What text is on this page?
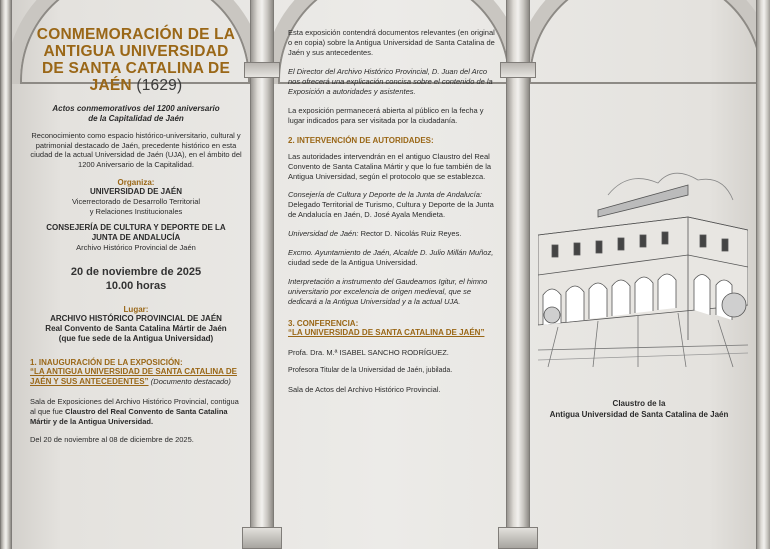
CONMEMORACIÓN DE LA
ANTIGUA UNIVERSIDAD
DE SANTA CATALINA DE
JAÉN (1629)
Actos conmemorativos del 1200 aniversario de la Capitalidad de Jaén
Reconocimiento como espacio histórico-universitario, cultural y patrimonial destacado de Jaén, precedente histórico en esta ciudad de la actual Universidad de Jaén (UJA), en el ámbito del 1200 Aniversario de la Capitalidad.
Organiza:
UNIVERSIDAD DE JAÉN
Vicerrectorado de Desarrollo Territorial
y Relaciones Institucionales
CONSEJERÍA DE CULTURA Y DEPORTE DE LA
JUNTA DE ANDALUCÍA
Archivo Histórico Provincial de Jaén
20 de noviembre de 2025
10.00 horas
Lugar:
ARCHIVO HISTÓRICO PROVINCIAL DE JAÉN
Real Convento de Santa Catalina Mártir de Jaén
(que fue sede de la Antigua Universidad)
1. INAUGURACIÓN DE LA EXPOSICIÓN:
“LA ANTIGUA UNIVERSIDAD DE SANTA CATALINA DE
JAÉN Y SUS ANTECEDENTES” (Documento destacado)
Sala de Exposiciones del Archivo Histórico Provincial, contigua al que fue Claustro del Real Convento de Santa Catalina Mártir y de la Antigua Universidad.
Del 20 de noviembre al 08 de diciembre de 2025.
Esta exposición contendrá documentos relevantes (en original o en copia) sobre la Antigua Universidad de Santa Catalina de Jaén y sus antecedentes.
El Director del Archivo Histórico Provincial, D. Juan del Arco nos ofrecerá una explicación concisa sobre el contenido de la Exposición a autoridades y asistentes.
La exposición permanecerá abierta al público en la fecha y lugar indicados para ser visitada por la ciudadanía.
2. INTERVENCIÓN DE AUTORIDADES:
Las autoridades intervendrán en el antiguo Claustro del Real Convento de Santa Catalina Mártir y que lo fue también de la Antigua Universidad, según el protocolo que se establezca.
Consejería de Cultura y Deporte de la Junta de Andalucía: Delegado Territorial de Turismo, Cultura y Deporte de la Junta de Andalucía en Jaén, D. José Ayala Mendieta.
Universidad de Jaén: Rector D. Nicolás Ruiz Reyes.
Excmo. Ayuntamiento de Jaén, Alcalde D. Julio Millán Muñoz, ciudad sede de la Antigua Universidad.
Interpretación a instrumento del Gaudeamos Igitur, el himno universitario por excelencia de origen medieval, que se dedicará a la Antigua Universidad y a la actual UJA.
3. CONFERENCIA:
“LA UNIVERSIDAD DE SANTA CATALINA DE JAÉN”
Profa. Dra. M.ª ISABEL SANCHO RODRÍGUEZ.
Profesora Titular de la Universidad de Jaén, jubilada.
Sala de Actos del Archivo Histórico Provincial.
Claustro de la
Antigua Universidad de Santa Catalina de Jaén
